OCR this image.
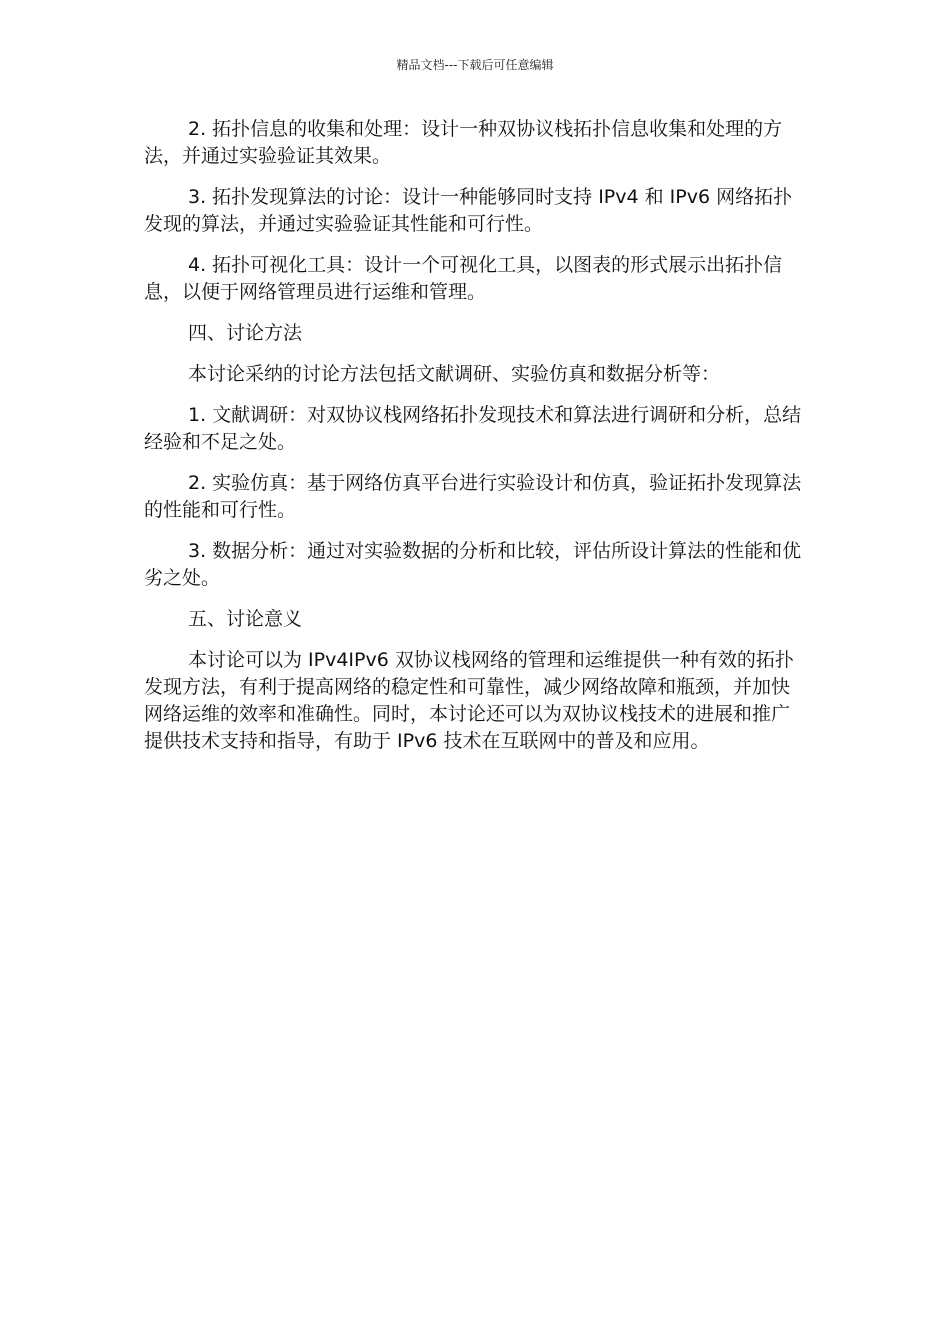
精品文档---下载后可任意编辑

2. 拓扑信息的收集和处理：设计一种双协议栈拓扑信息收集和处理的方法，并通过实验验证其效果。

3. 拓扑发现算法的讨论：设计一种能够同时支持 IPv4 和 IPv6 网络拓扑发现的算法，并通过实验验证其性能和可行性。

4. 拓扑可视化工具：设计一个可视化工具，以图表的形式展示出拓扑信息，以便于网络管理员进行运维和管理。

四、讨论方法

本讨论采纳的讨论方法包括文献调研、实验仿真和数据分析等：

1. 文献调研：对双协议栈网络拓扑发现技术和算法进行调研和分析，总结经验和不足之处。

2. 实验仿真：基于网络仿真平台进行实验设计和仿真，验证拓扑发现算法的性能和可行性。

3. 数据分析：通过对实验数据的分析和比较，评估所设计算法的性能和优劣之处。

五、讨论意义

本讨论可以为 IPv4IPv6 双协议栈网络的管理和运维提供一种有效的拓扑发现方法，有利于提高网络的稳定性和可靠性，减少网络故障和瓶颈，并加快网络运维的效率和准确性。同时，本讨论还可以为双协议栈技术的进展和推广提供技术支持和指导，有助于 IPv6 技术在互联网中的普及和应用。
